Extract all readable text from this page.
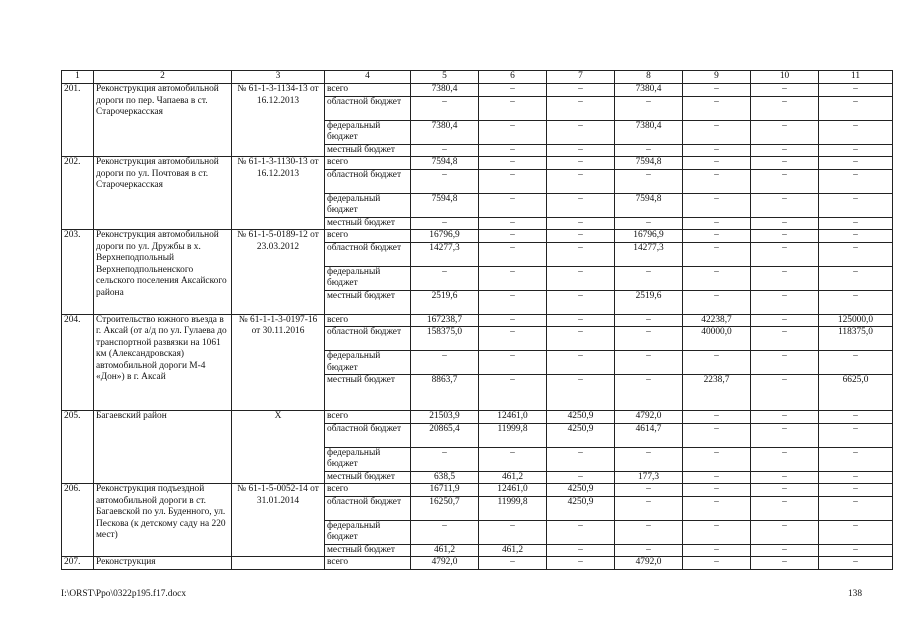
1	2	3	4	5	6	7	8	9	10	11
201.	Реконструкция автомобильной дороги по пер. Чапаева в ст. Старочеркасская	№ 61-1-3-1134-13 от 16.12.2013	всего	7380,4	–	–	7380,4	–	–	–
			областной бюджет	–	–	–	–	–	–	–
			федеральный бюджет	7380,4	–	–	7380,4	–	–	–
			местный бюджет	–	–	–	–	–	–	–
202.	Реконструкция автомобильной дороги по ул. Почтовая в ст. Старочеркасская	№ 61-1-3-1130-13 от 16.12.2013	всего	7594,8	–	–	7594,8	–	–	–
			областной бюджет	–	–	–	–	–	–	–
			федеральный бюджет	7594,8	–	–	7594,8	–	–	–
			местный бюджет	–	–	–	–	–	–	–
203.	Реконструкция автомобильной дороги по ул. Дружбы в х. Верхнеподпольный Верхнеподпольненского сельского поселения Аксайского района	№ 61-1-5-0189-12 от 23.03.2012	всего	16796,9	–	–	16796,9	–	–	–
			областной бюджет	14277,3	–	–	14277,3	–	–	–
			федеральный бюджет	–	–	–	–	–	–	–
			местный бюджет	2519,6	–	–	2519,6	–	–	–
204.	Строительство южного въезда в г. Аксай (от а/д по ул. Гулаева до транспортной развязки на 1061 км (Александровская) автомобильной дороги М-4 «Дон») в г. Аксай	№ 61-1-1-3-0197-16 от 30.11.2016	всего	167238,7	–	–	–	42238,7	–	125000,0
			областной бюджет	158375,0	–	–	–	40000,0	–	118375,0
			федеральный бюджет	–	–	–	–	–	–	–
			местный бюджет	8863,7	–	–	–	2238,7	–	6625,0
205.	Багаевский район	Х	всего	21503,9	12461,0	4250,9	4792,0	–	–	–
			областной бюджет	20865,4	11999,8	4250,9	4614,7	–	–	–
			федеральный бюджет	–	–	–	–	–	–	–
			местный бюджет	638,5	461,2	–	177,3	–	–	–
206.	Реконструкция подъездной автомобильной дороги в ст. Багаевской по ул. Буденного, ул. Пескова (к детскому саду на 220 мест)	№ 61-1-5-0052-14 от 31.01.2014	всего	16711,9	12461,0	4250,9	–	–	–	–
			областной бюджет	16250,7	11999,8	4250,9	–	–	–	–
			федеральный бюджет	–	–	–	–	–	–	–
			местный бюджет	461,2	461,2	–	–	–	–	–
207.	Реконструкция		всего	4792,0	–	–	4792,0	–	–	–
I:\ORST\Ppo\0322p195.f17.docx	138
